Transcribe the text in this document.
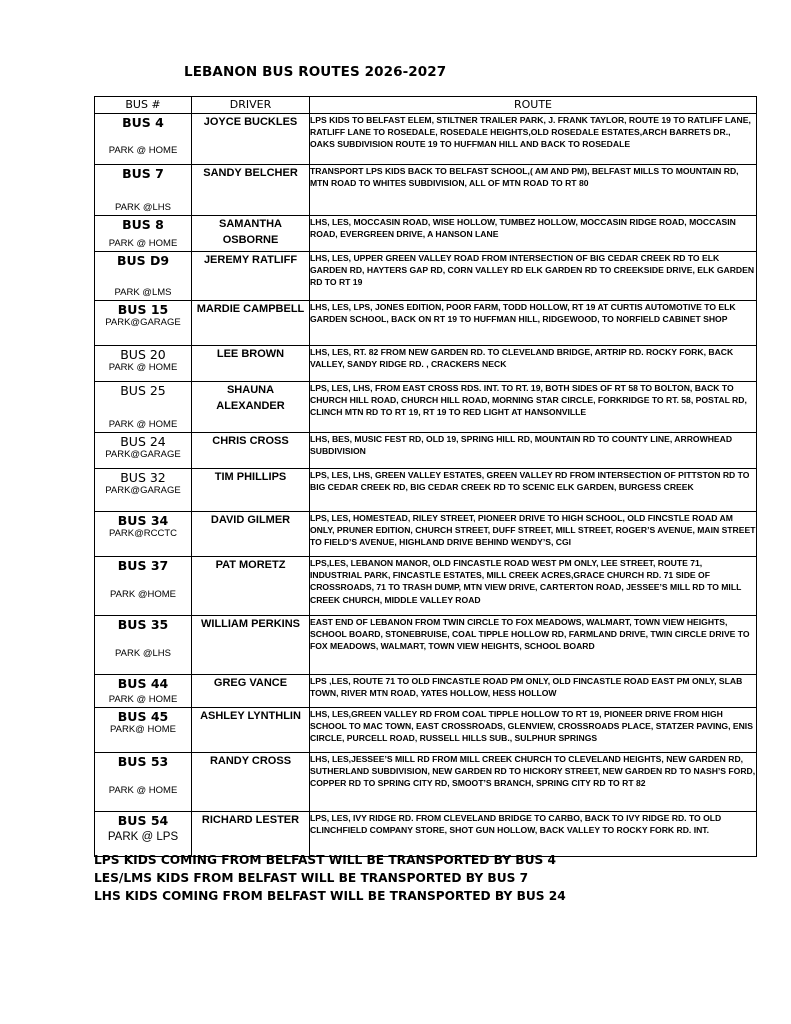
LEBANON BUS ROUTES 2026-2027
BUS #	DRIVER	ROUTE

BUS 4
PARK @ HOME	JOYCE BUCKLES	LPS KIDS TO BELFAST ELEM, STILTNER TRAILER PARK, J. FRANK TAYLOR, ROUTE 19 TO RATLIFF LANE, RATLIFF LANE TO ROSEDALE, ROSEDALE HEIGHTS,OLD ROSEDALE ESTATES,ARCH BARRETS DR., OAKS SUBDIVISION ROUTE 19 TO HUFFMAN HILL AND BACK TO ROSEDALE

BUS 7
PARK @LHS	SANDY BELCHER	TRANSPORT LPS KIDS BACK TO BELFAST SCHOOL,( AM AND PM), BELFAST MILLS TO MOUNTAIN RD, MTN ROAD TO WHITES SUBDIVISION, ALL OF MTN ROAD TO RT 80

BUS 8
PARK @ HOME	SAMANTHA OSBORNE	LHS, LES, MOCCASIN ROAD, WISE HOLLOW, TUMBEZ HOLLOW, MOCCASIN RIDGE ROAD, MOCCASIN ROAD, EVERGREEN DRIVE, A HANSON LANE

BUS D9
PARK @LMS	JEREMY RATLIFF	LHS, LES, UPPER GREEN VALLEY ROAD FROM INTERSECTION OF BIG CEDAR CREEK RD TO ELK GARDEN RD, HAYTERS GAP RD, CORN VALLEY RD ELK GARDEN RD TO CREEKSIDE DRIVE, ELK GARDEN RD TO RT 19

BUS 15
PARK@GARAGE	MARDIE CAMPBELL	LHS, LES, LPS, JONES EDITION, POOR FARM, TODD HOLLOW, RT 19 AT CURTIS AUTOMOTIVE TO ELK GARDEN SCHOOL, BACK ON RT 19 TO HUFFMAN HILL, RIDGEWOOD, TO NORFIELD CABINET SHOP

BUS 20
PARK @ HOME	LEE BROWN	LHS, LES, RT. 82 FROM NEW GARDEN RD. TO CLEVELAND BRIDGE, ARTRIP RD. ROCKY FORK, BACK VALLEY, SANDY RIDGE RD. , CRACKERS NECK

BUS 25
PARK @ HOME	SHAUNA ALEXANDER	LPS, LES, LHS, FROM EAST CROSS RDS. INT. TO RT. 19, BOTH SIDES OF RT 58 TO BOLTON, BACK TO CHURCH HILL ROAD, CHURCH HILL ROAD, MORNING STAR CIRCLE, FORKRIDGE TO RT. 58, POSTAL RD, CLINCH MTN RD TO RT 19, RT 19 TO RED LIGHT AT HANSONVILLE

BUS 24
PARK@GARAGE	CHRIS CROSS	LHS, BES, MUSIC FEST RD, OLD 19, SPRING HILL RD, MOUNTAIN RD TO COUNTY LINE, ARROWHEAD SUBDIVISION

BUS 32
PARK@GARAGE	TIM PHILLIPS	LPS, LES, LHS, GREEN VALLEY ESTATES, GREEN VALLEY RD FROM INTERSECTION OF PITTSTON RD TO BIG CEDAR CREEK RD, BIG CEDAR CREEK RD TO SCENIC ELK GARDEN, BURGESS CREEK

BUS 34
PARK@RCCTC	DAVID GILMER	LPS, LES, HOMESTEAD, RILEY STREET, PIONEER DRIVE TO HIGH SCHOOL, OLD FINCSTLE ROAD AM ONLY, PRUNER EDITION, CHURCH STREET, DUFF STREET, MILL STREET, ROGER’S AVENUE, MAIN STREET TO FIELD’S AVENUE, HIGHLAND DRIVE BEHIND WENDY’S, CGI

BUS 37
PARK @HOME	PAT MORETZ	LPS,LES, LEBANON MANOR, OLD FINCASTLE ROAD WEST PM ONLY, LEE STREET, ROUTE 71, INDUSTRIAL PARK, FINCASTLE ESTATES, MILL CREEK ACRES,GRACE CHURCH RD. 71 SIDE OF CROSSROADS, 71 TO TRASH DUMP, MTN VIEW DRIVE, CARTERTON ROAD, JESSEE’S MILL RD TO MILL CREEK CHURCH, MIDDLE VALLEY ROAD

BUS 35
PARK @LHS	WILLIAM PERKINS	EAST END OF LEBANON FROM TWIN CIRCLE TO FOX MEADOWS, WALMART, TOWN VIEW HEIGHTS, SCHOOL BOARD, STONEBRUISE, COAL TIPPLE HOLLOW RD, FARMLAND DRIVE, TWIN CIRCLE DRIVE TO FOX MEADOWS, WALMART, TOWN VIEW HEIGHTS, SCHOOL BOARD

BUS 44
PARK @ HOME	GREG VANCE	LPS ,LES, ROUTE 71 TO OLD FINCASTLE ROAD PM ONLY, OLD FINCASTLE ROAD EAST PM ONLY, SLAB TOWN, RIVER MTN ROAD, YATES HOLLOW, HESS HOLLOW

BUS 45
PARK@ HOME	ASHLEY LYNTHLIN	LHS, LES,GREEN VALLEY RD FROM COAL TIPPLE HOLLOW TO RT 19, PIONEER DRIVE FROM HIGH SCHOOL TO MAC TOWN, EAST CROSSROADS, GLENVIEW, CROSSROADS PLACE, STATZER PAVING, ENIS CIRCLE, PURCELL ROAD, RUSSELL HILLS SUB., SULPHUR SPRINGS

BUS 53
PARK @ HOME	RANDY CROSS	LHS, LES,JESSEE’S MILL RD FROM MILL CREEK CHURCH TO CLEVELAND HEIGHTS, NEW GARDEN RD, SUTHERLAND SUBDIVISION, NEW GARDEN RD TO HICKORY STREET, NEW GARDEN RD TO NASH’S FORD, COPPER RD TO SPRING CITY RD, SMOOT’S BRANCH, SPRING CITY RD TO RT 82

BUS 54
PARK @ LPS	RICHARD LESTER	LPS, LES, IVY RIDGE RD. FROM CLEVELAND BRIDGE TO CARBO, BACK TO IVY RIDGE RD. TO OLD CLINCHFIELD COMPANY STORE, SHOT GUN HOLLOW, BACK VALLEY TO ROCKY FORK RD. INT.
LPS KIDS COMING FROM BELFAST WILL BE TRANSPORTED BY BUS 4
LES/LMS KIDS FROM BELFAST WILL BE TRANSPORTED BY BUS 7
LHS KIDS COMING FROM BELFAST WILL BE TRANSPORTED BY BUS 24
